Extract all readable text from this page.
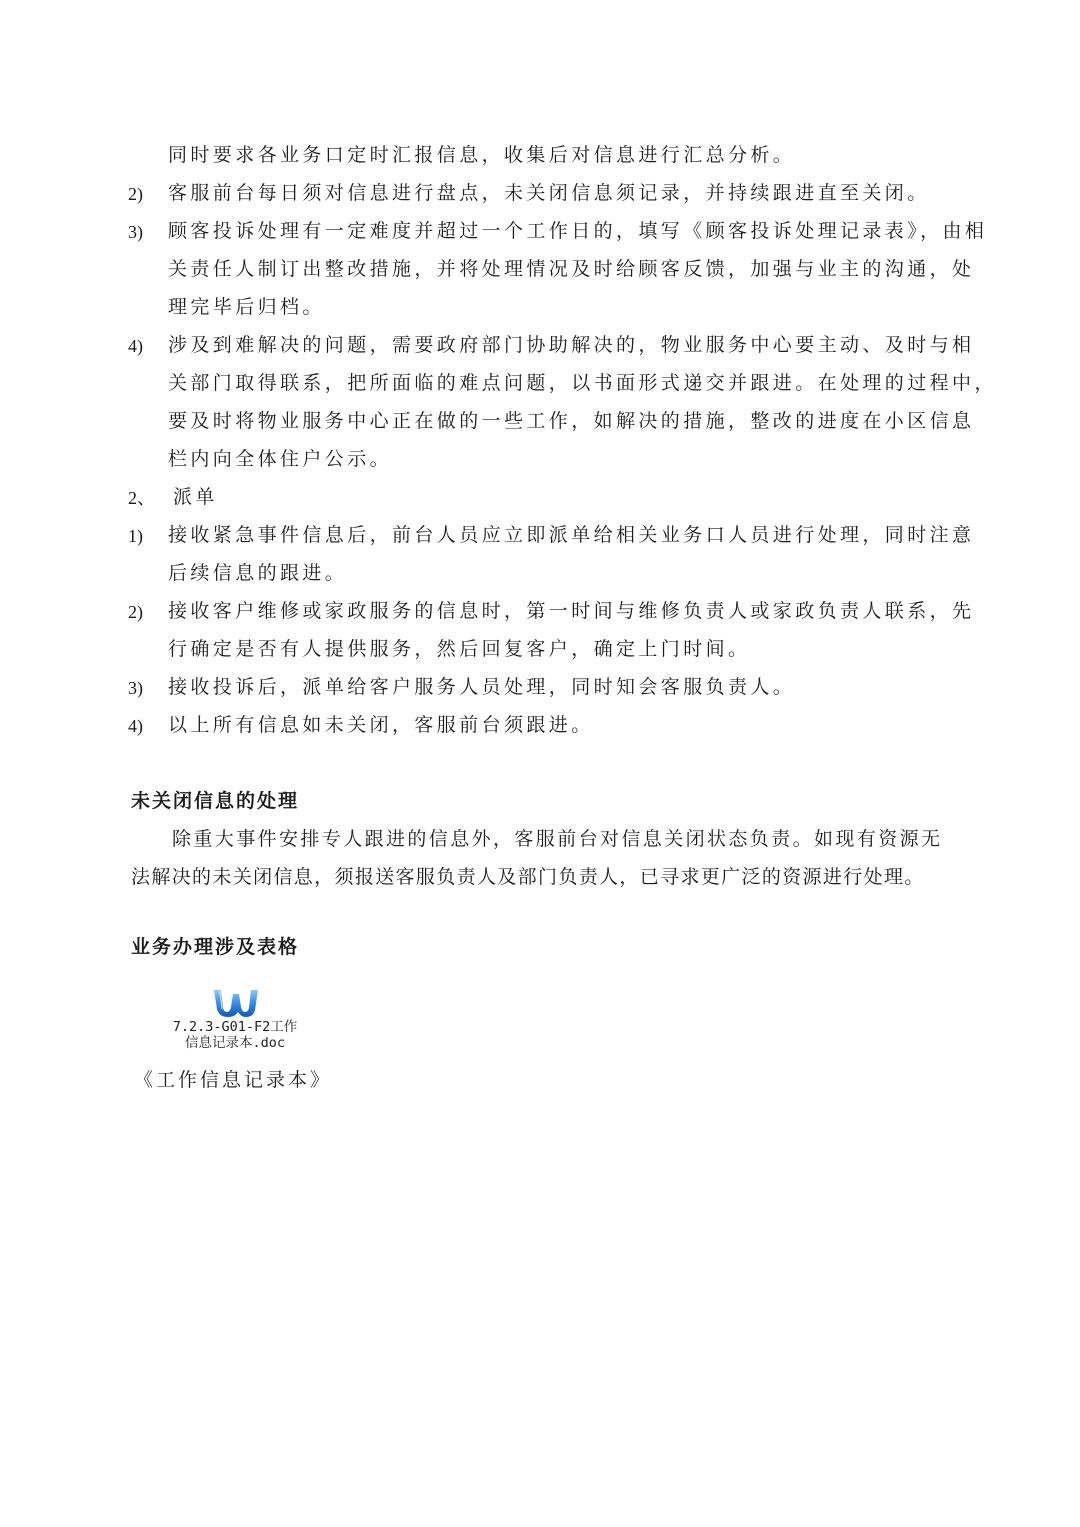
2)
3)
4)
2、
1)
2)
3)
4)
同时要求各业务口定时汇报信息，收集后对信息进行汇总分析。
客服前台每日须对信息进行盘点，未关闭信息须记录，并持续跟进直至关闭。
顾客投诉处理有一定难度并超过一个工作日的，填写《顾客投诉处理记录表》，由相
关责任人制订出整改措施，并将处理情况及时给顾客反馈，加强与业主的沟通，处
理完毕后归档。
涉及到难解决的问题，需要政府部门协助解决的，物业服务中心要主动、及时与相
关部门取得联系，把所面临的难点问题，以书面形式递交并跟进。在处理的过程中，
要及时将物业服务中心正在做的一些工作，如解决的措施，整改的进度在小区信息
栏内向全体住户公示。
派单
接收紧急事件信息后，前台人员应立即派单给相关业务口人员进行处理，同时注意
后续信息的跟进。
接收客户维修或家政服务的信息时，第一时间与维修负责人或家政负责人联系，先
行确定是否有人提供服务，然后回复客户，确定上门时间。
接收投诉后，派单给客户服务人员处理，同时知会客服负责人。
以上所有信息如未关闭，客服前台须跟进。
未关闭信息的处理
除重大事件安排专人跟进的信息外，客服前台对信息关闭状态负责。如现有资源无
法解决的未关闭信息，须报送客服负责人及部门负责人，已寻求更广泛的资源进行处理。
业务办理涉及表格
7.2.3-G01-F2工作
信息记录本.doc
《工作信息记录本》
